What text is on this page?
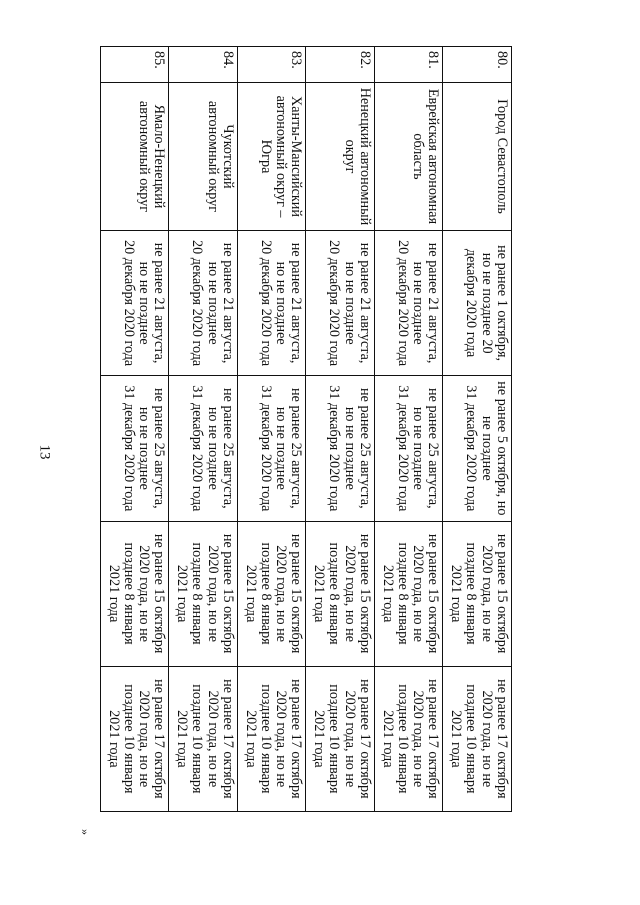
13
80.	Город Севастополь	не ранее 1 октября,
но не позднее 20
декабря 2020 года	не ранее 5 октября, но
не позднее
31 декабря 2020 года	не ранее 15 октября
2020 года, но не
позднее 8 января
2021 года	не ранее 17 октября
2020 года, но не
позднее 10 января
2021 года

81.	Еврейская автономная
область	не ранее 21 августа,
но не позднее
20 декабря 2020 года	не ранее 25 августа,
но не позднее
31 декабря 2020 года	не ранее 15 октября
2020 года, но не
позднее 8 января
2021 года	не ранее 17 октября
2020 года, но не
позднее 10 января
2021 года

82.	Ненецкий автономный
округ	не ранее 21 августа,
но не позднее
20 декабря 2020 года	не ранее 25 августа,
но не позднее
31 декабря 2020 года	не ранее 15 октября
2020 года, но не
позднее 8 января
2021 года	не ранее 17 октября
2020 года, но не
позднее 10 января
2021 года

83.	Ханты-Мансийский
автономный округ –
Югра	не ранее 21 августа,
но не позднее
20 декабря 2020 года	не ранее 25 августа,
но не позднее
31 декабря 2020 года	не ранее 15 октября
2020 года, но не
позднее 8 января
2021 года	не ранее 17 октября
2020 года, но не
позднее 10 января
2021 года

84.	Чукотский
автономный округ	не ранее 21 августа,
но не позднее
20 декабря 2020 года	не ранее 25 августа,
но не позднее
31 декабря 2020 года	не ранее 15 октября
2020 года, но не
позднее 8 января
2021 года	не ранее 17 октября
2020 года, но не
позднее 10 января
2021 года

85.	Ямало-Ненецкий
автономный округ	не ранее 21 августа,
но не позднее
20 декабря 2020 года	не ранее 25 августа,
но не позднее
31 декабря 2020 года	не ранее 15 октября
2020 года, но не
позднее 8 января
2021 года	не ранее 17 октября
2020 года, но не
позднее 10 января
2021 года
»
